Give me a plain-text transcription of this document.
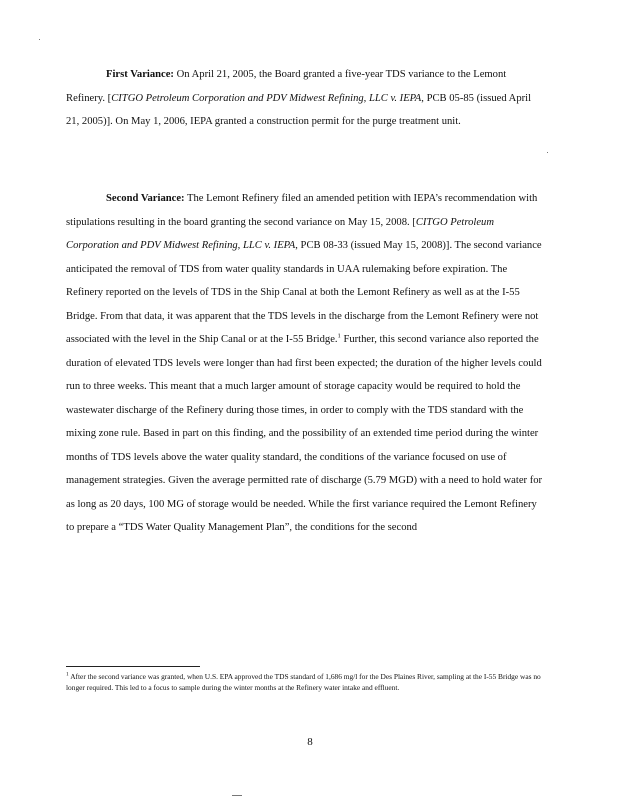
First Variance: On April 21, 2005, the Board granted a five-year TDS variance to the Lemont Refinery. [CITGO Petroleum Corporation and PDV Midwest Refining, LLC v. IEPA, PCB 05-85 (issued April 21, 2005)]. On May 1, 2006, IEPA granted a construction permit for the purge treatment unit.
Second Variance: The Lemont Refinery filed an amended petition with IEPA’s recommendation with stipulations resulting in the board granting the second variance on May 15, 2008. [CITGO Petroleum Corporation and PDV Midwest Refining, LLC v. IEPA, PCB 08-33 (issued May 15, 2008)]. The second variance anticipated the removal of TDS from water quality standards in UAA rulemaking before expiration. The Refinery reported on the levels of TDS in the Ship Canal at both the Lemont Refinery as well as at the I-55 Bridge. From that data, it was apparent that the TDS levels in the discharge from the Lemont Refinery were not associated with the level in the Ship Canal or at the I-55 Bridge.$^1$ Further, this second variance also reported the duration of elevated TDS levels were longer than had first been expected; the duration of the higher levels could run to three weeks. This meant that a much larger amount of storage capacity would be required to hold the wastewater discharge of the Refinery during those times, in order to comply with the TDS standard with the mixing zone rule. Based in part on this finding, and the possibility of an extended time period during the winter months of TDS levels above the water quality standard, the conditions of the variance focused on use of management strategies. Given the average permitted rate of discharge (5.79 MGD) with a need to hold water for as long as 20 days, 100 MG of storage would be needed. While the first variance required the Lemont Refinery to prepare a “TDS Water Quality Management Plan”, the conditions for the second
$^1$ After the second variance was granted, when U.S. EPA approved the TDS standard of 1,686 mg/l for the Des Plaines River, sampling at the I-55 Bridge was no longer required. This led to a focus to sample during the winter months at the Refinery water intake and effluent.
8
